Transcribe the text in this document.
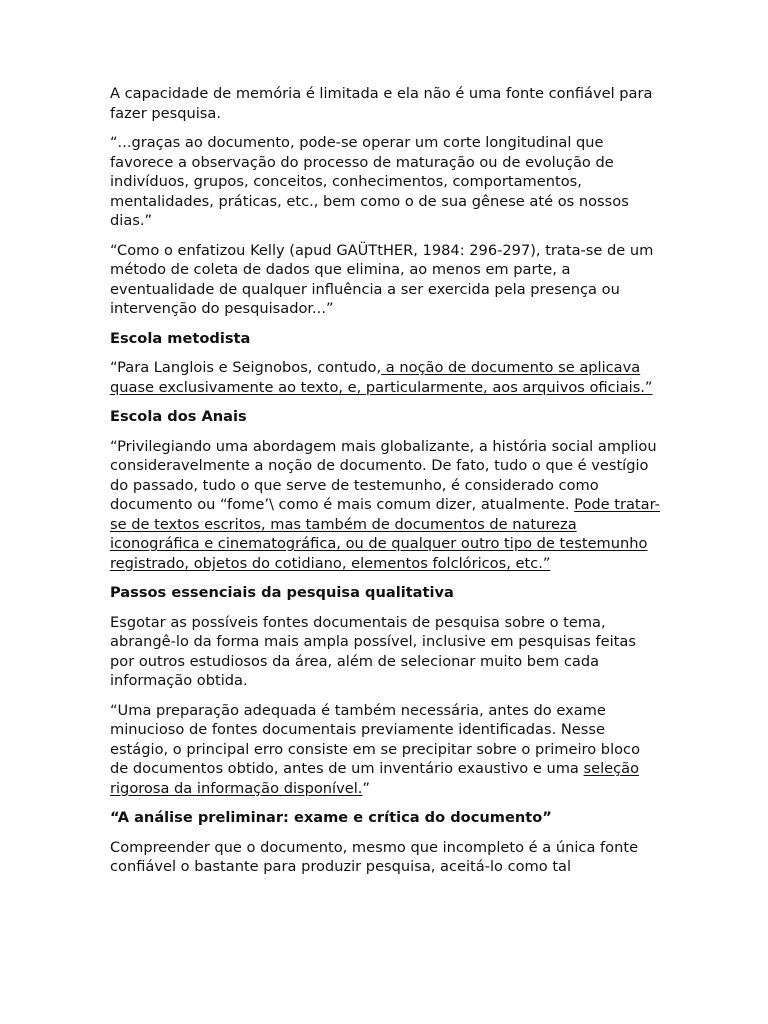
A capacidade de memória é limitada e ela não é uma fonte confiável para fazer pesquisa.

“...graças ao documento, pode-se operar um corte longitudinal que favorece a observação do processo de maturação ou de evolução de indivíduos, grupos, conceitos, conhecimentos, comportamentos, mentalidades, práticas, etc., bem como o de sua gênese até os nossos dias.”

“Como o enfatizou Kelly (apud GAÜTtHER, 1984: 296-297), trata-se de um método de coleta de dados que elimina, ao menos em parte, a eventualidade de qualquer influência a ser exercida pela presença ou intervenção do pesquisador...”

Escola metodista

“Para Langlois e Seignobos, contudo, a noção de documento se aplicava quase exclusivamente ao texto, e, particularmente, aos arquivos oficiais.”

Escola dos Anais

“Privilegiando uma abordagem mais globalizante, a história social ampliou consideravelmente a noção de documento. De fato, tudo o que é vestígio do passado, tudo o que serve de testemunho, é considerado como documento ou “fome’\ como é mais comum dizer, atualmente. Pode tratar-se de textos escritos, mas também de documentos de natureza iconográfica e cinematográfica, ou de qualquer outro tipo de testemunho registrado, objetos do cotidiano, elementos folclóricos, etc.”

Passos essenciais da pesquisa qualitativa

Esgotar as possíveis fontes documentais de pesquisa sobre o tema, abrangê-lo da forma mais ampla possível, inclusive em pesquisas feitas por outros estudiosos da área, além de selecionar muito bem cada informação obtida.

“Uma preparação adequada é também necessária, antes do exame minucioso de fontes documentais previamente identificadas. Nesse estágio, o principal erro consiste em se precipitar sobre o primeiro bloco de documentos obtido, antes de um inventário exaustivo e uma seleção rigorosa da informação disponível.”

“A análise preliminar: exame e crítica do documento”

Compreender que o documento, mesmo que incompleto é a única fonte confiável o bastante para produzir pesquisa, aceitá-lo como tal
